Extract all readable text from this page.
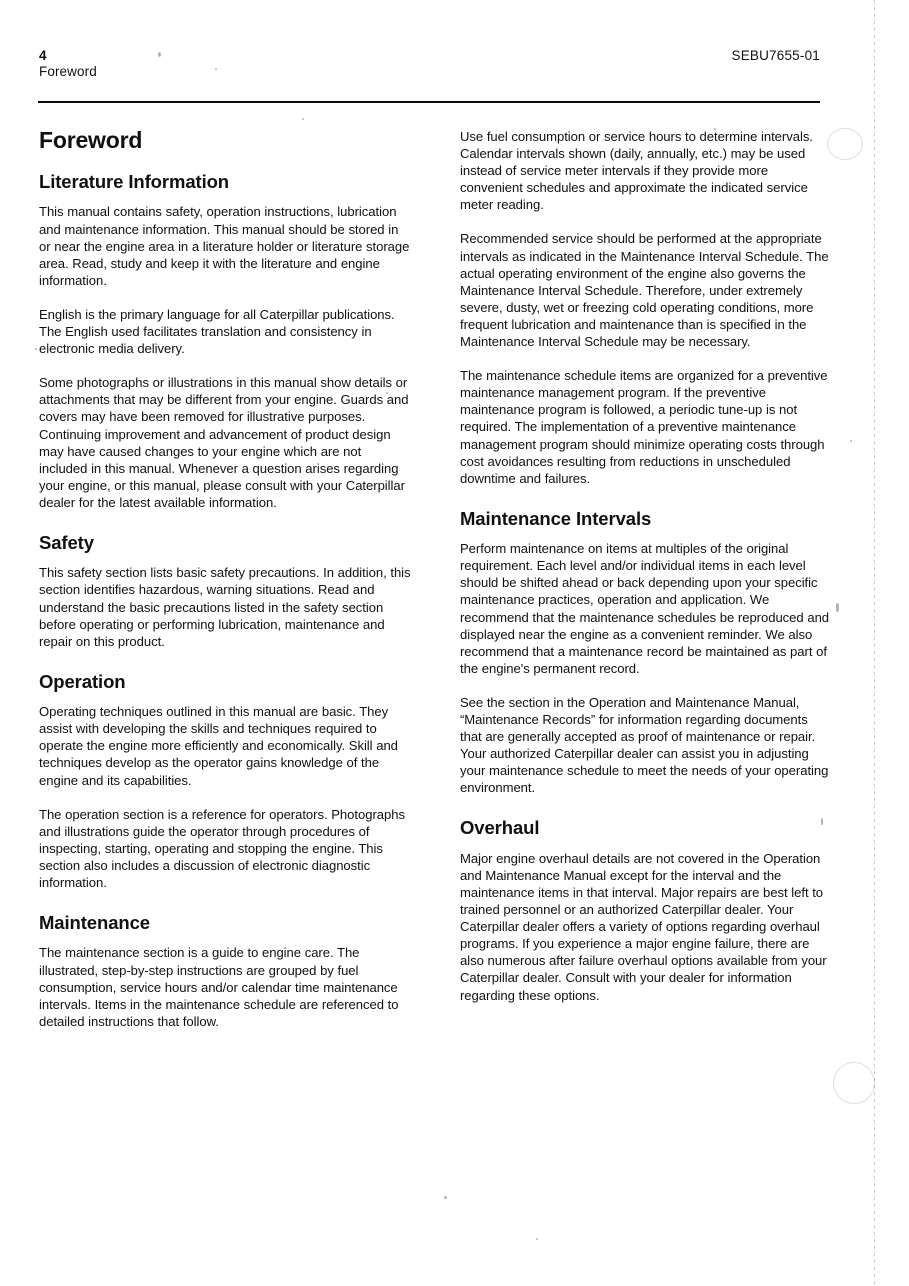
4
Foreword
SEBU7655-01
Foreword
Literature Information

This manual contains safety, operation instructions, lubrication and maintenance information. This manual should be stored in or near the engine area in a literature holder or literature storage area. Read, study and keep it with the literature and engine information.

English is the primary language for all Caterpillar publications. The English used facilitates translation and consistency in electronic media delivery.

Some photographs or illustrations in this manual show details or attachments that may be different from your engine. Guards and covers may have been removed for illustrative purposes. Continuing improvement and advancement of product design may have caused changes to your engine which are not included in this manual. Whenever a question arises regarding your engine, or this manual, please consult with your Caterpillar dealer for the latest available information.

Safety

This safety section lists basic safety precautions. In addition, this section identifies hazardous, warning situations. Read and understand the basic precautions listed in the safety section before operating or performing lubrication, maintenance and repair on this product.

Operation

Operating techniques outlined in this manual are basic. They assist with developing the skills and techniques required to operate the engine more efficiently and economically. Skill and techniques develop as the operator gains knowledge of the engine and its capabilities.

The operation section is a reference for operators. Photographs and illustrations guide the operator through procedures of inspecting, starting, operating and stopping the engine. This section also includes a discussion of electronic diagnostic information.

Maintenance

The maintenance section is a guide to engine care. The illustrated, step-by-step instructions are grouped by fuel consumption, service hours and/or calendar time maintenance intervals. Items in the maintenance schedule are referenced to detailed instructions that follow.

Use fuel consumption or service hours to determine intervals. Calendar intervals shown (daily, annually, etc.) may be used instead of service meter intervals if they provide more convenient schedules and approximate the indicated service meter reading.

Recommended service should be performed at the appropriate intervals as indicated in the Maintenance Interval Schedule. The actual operating environment of the engine also governs the Maintenance Interval Schedule. Therefore, under extremely severe, dusty, wet or freezing cold operating conditions, more frequent lubrication and maintenance than is specified in the Maintenance Interval Schedule may be necessary.

The maintenance schedule items are organized for a preventive maintenance management program. If the preventive maintenance program is followed, a periodic tune-up is not required. The implementation of a preventive maintenance management program should minimize operating costs through cost avoidances resulting from reductions in unscheduled downtime and failures.

Maintenance Intervals

Perform maintenance on items at multiples of the original requirement. Each level and/or individual items in each level should be shifted ahead or back depending upon your specific maintenance practices, operation and application. We recommend that the maintenance schedules be reproduced and displayed near the engine as a convenient reminder. We also recommend that a maintenance record be maintained as part of the engine's permanent record.

See the section in the Operation and Maintenance Manual, “Maintenance Records” for information regarding documents that are generally accepted as proof of maintenance or repair. Your authorized Caterpillar dealer can assist you in adjusting your maintenance schedule to meet the needs of your operating environment.

Overhaul

Major engine overhaul details are not covered in the Operation and Maintenance Manual except for the interval and the maintenance items in that interval. Major repairs are best left to trained personnel or an authorized Caterpillar dealer. Your Caterpillar dealer offers a variety of options regarding overhaul programs. If you experience a major engine failure, there are also numerous after failure overhaul options available from your Caterpillar dealer. Consult with your dealer for information regarding these options.
